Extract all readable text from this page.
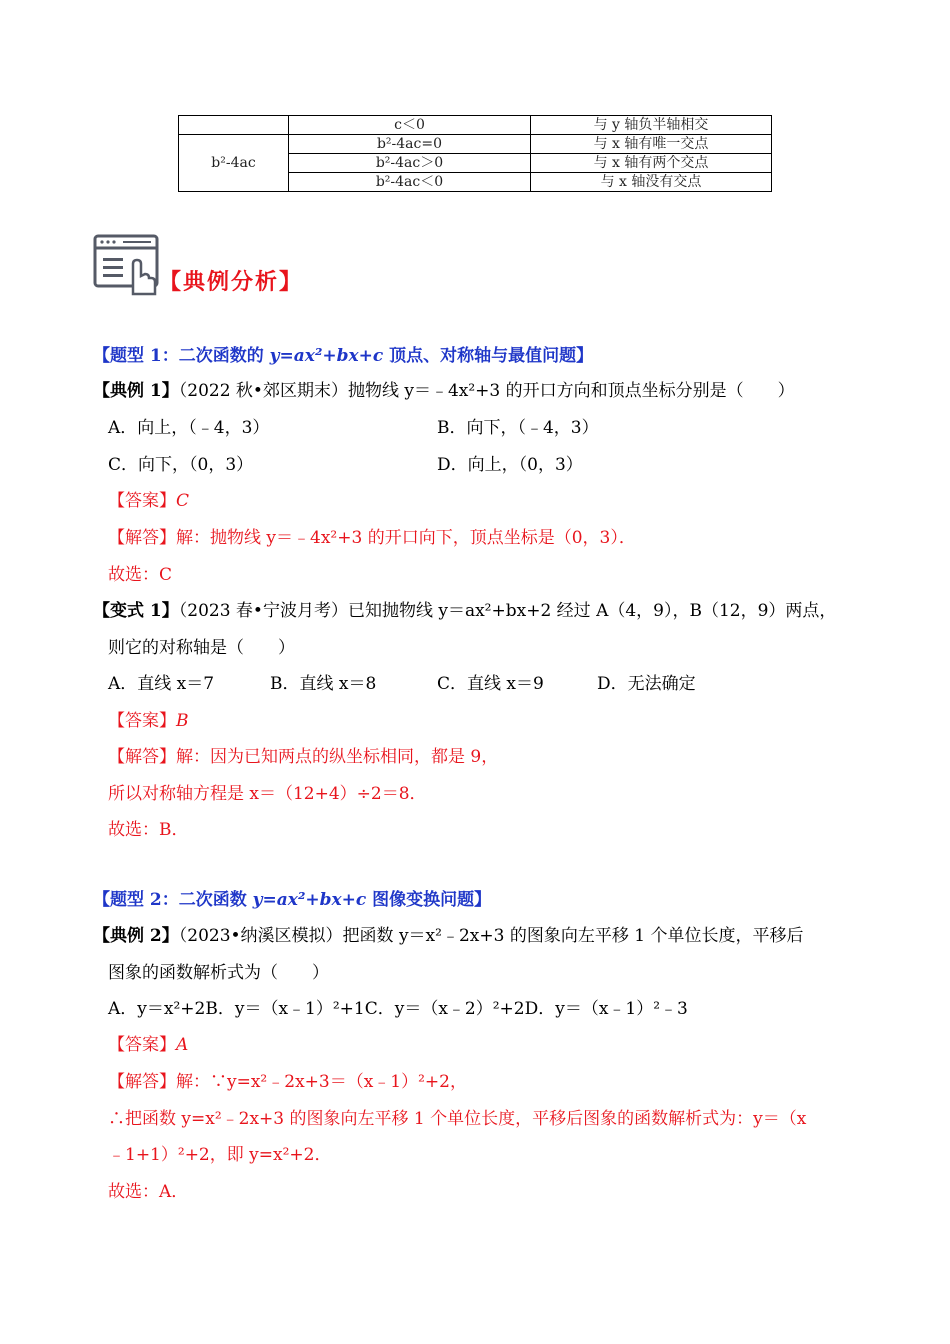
	c＜0	与 y 轴负半轴相交
b²-4ac	b²-4ac=0	与 x 轴有唯一交点
	b²-4ac＞0	与 x 轴有两个交点
	b²-4ac＜0	与 x 轴没有交点
【典例分析】
【题型 1：二次函数的 y=ax²+bx+c 顶点、对称轴与最值问题】
【典例 1】（2022 秋•郊区期末）抛物线 y＝﹣4x²+3 的开口方向和顶点坐标分别是（　　）
A．向上，（﹣4，3）	B．向下，（﹣4，3）
C．向下，（0，3）	D．向上，（0，3）
【答案】C
【解答】解：抛物线 y＝﹣4x²+3 的开口向下，顶点坐标是（0，3）．
故选：C
【变式 1】（2023 春•宁波月考）已知抛物线 y＝ax²+bx+2 经过 A（4，9），B（12，9）两点，
则它的对称轴是（　　）
A．直线 x＝7	B．直线 x＝8	C．直线 x＝9	D．无法确定
【答案】B
【解答】解：因为已知两点的纵坐标相同，都是 9，
所以对称轴方程是 x＝（12+4）÷2＝8．
故选：B．
【题型 2：二次函数 y=ax²+bx+c 图像变换问题】
【典例 2】（2023•纳溪区模拟）把函数 y＝x²﹣2x+3 的图象向左平移 1 个单位长度，平移后
图象的函数解析式为（　　）
A．y＝x²+2B．y＝（x﹣1）²+1C．y＝（x﹣2）²+2D．y＝（x﹣1）²﹣3
【答案】A
【解答】解：∵y=x²﹣2x+3＝（x﹣1）²+2，
∴把函数 y=x²﹣2x+3 的图象向左平移 1 个单位长度，平移后图象的函数解析式为：y＝（x
﹣1+1）²+2，即 y=x²+2．
故选：A．
